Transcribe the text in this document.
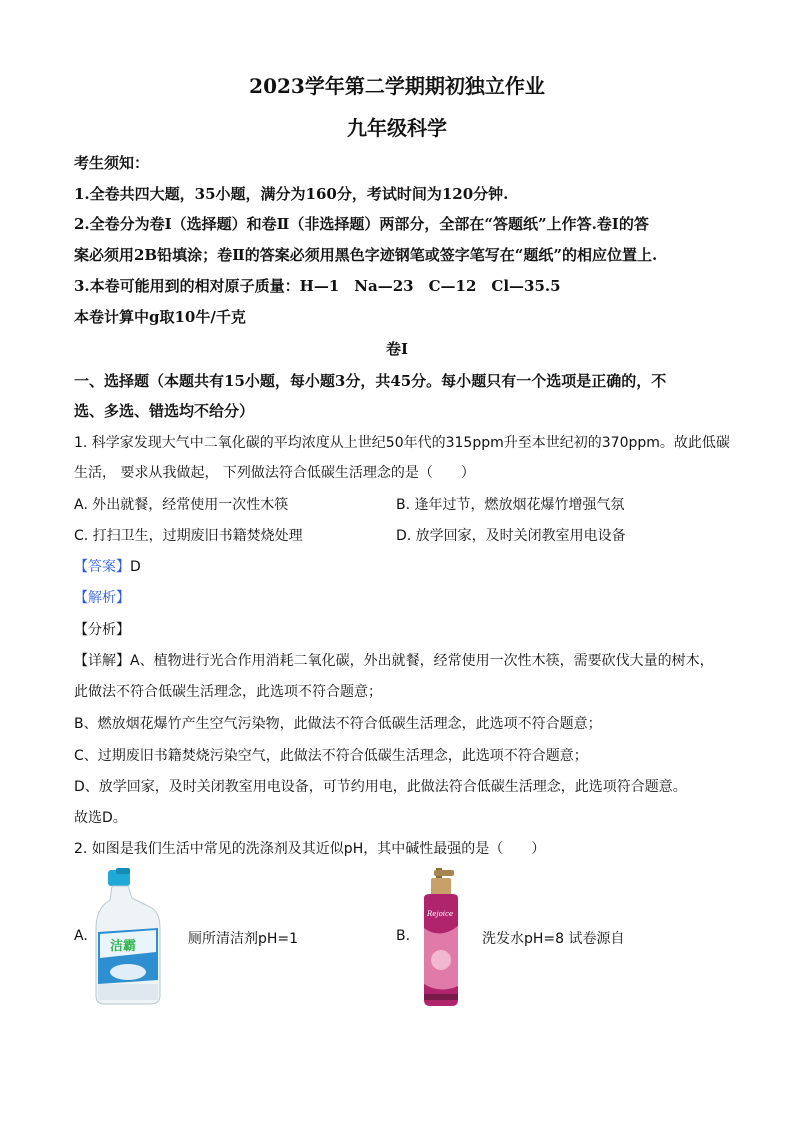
2023学年第二学期期初独立作业
九年级科学
考生须知：
1.全卷共四大题，35小题，满分为160分，考试时间为120分钟.
2.全卷分为卷Ⅰ（选择题）和卷Ⅱ（非选择题）两部分，全部在“答题纸”上作答.卷Ⅰ的答
案必须用2B铅填涂；卷Ⅱ的答案必须用黑色字迹钢笔或签字笔写在“题纸”的相应位置上.
3.本卷可能用到的相对原子质量：H—1　Na—23　C—12　Cl—35.5
本卷计算中g取10牛/千克
卷Ⅰ
一、选择题（本题共有15小题，每小题3分，共45分。每小题只有一个选项是正确的，不
选、多选、错选均不给分）
1. 科学家发现大气中二氧化碳的平均浓度从上世纪50年代的315ppm升至本世纪初的370ppm。故此低碳
生活， 要求从我做起， 下列做法符合低碳生活理念的是（　　）
A. 外出就餐，经常使用一次性木筷	B. 逢年过节，燃放烟花爆竹增强气氛
C. 打扫卫生，过期废旧书籍焚烧处理	D. 放学回家，及时关闭教室用电设备
【答案】D
【解析】
【分析】
【详解】A、植物进行光合作用消耗二氧化碳，外出就餐，经常使用一次性木筷，需要砍伐大量的树木，
此做法不符合低碳生活理念，此选项不符合题意；
B、燃放烟花爆竹产生空气污染物，此做法不符合低碳生活理念，此选项不符合题意；
C、过期废旧书籍焚烧污染空气，此做法不符合低碳生活理念，此选项不符合题意；
D、放学回家，及时关闭教室用电设备，可节约用电，此做法符合低碳生活理念，此选项符合题意。
故选D。
2. 如图是我们生活中常见的洗涤剂及其近似pH，其中碱性最强的是（　　）
A.
洁霸	厕所清洁剂pH=1	B.
Rejoice
洗发水pH=8 试卷源自
